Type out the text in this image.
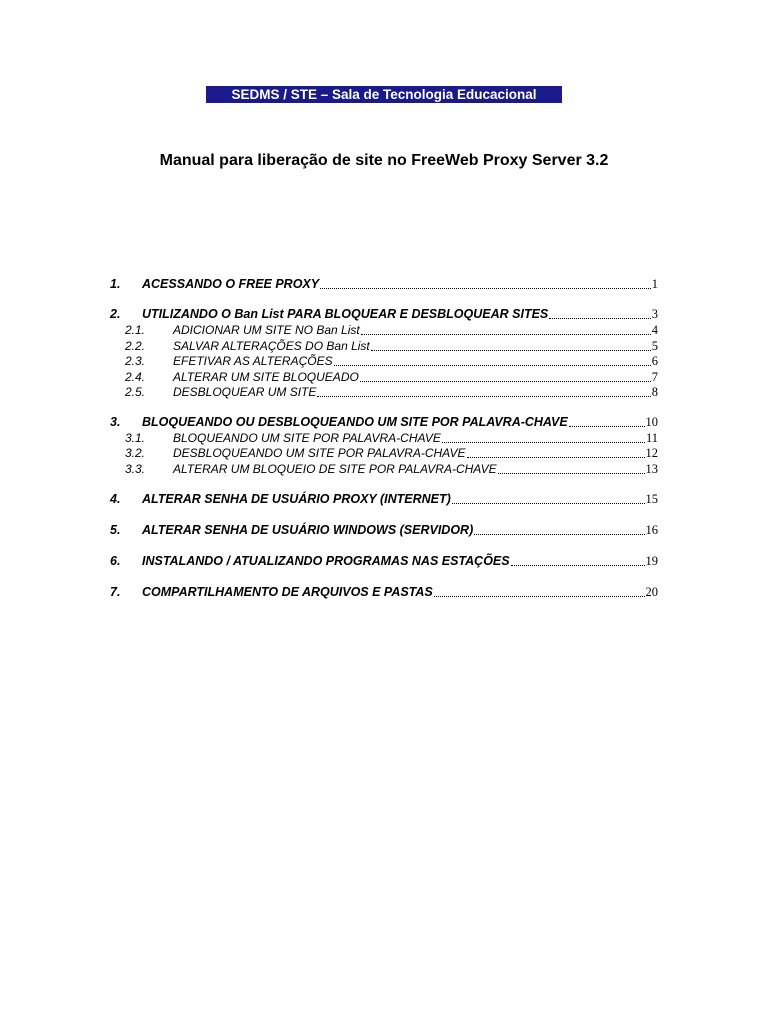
SEDMS / STE – Sala de Tecnologia Educacional
Manual para liberação de site no FreeWeb Proxy Server 3.2
1.	ACESSANDO O FREE PROXY	1
2.	UTILIZANDO O Ban List PARA BLOQUEAR E DESBLOQUEAR SITES	3
2.1.	ADICIONAR UM SITE NO Ban List	4
2.2.	SALVAR ALTERAÇÕES DO Ban List	5
2.3.	EFETIVAR AS ALTERAÇÕES	6
2.4.	ALTERAR UM SITE BLOQUEADO	7
2.5.	DESBLOQUEAR UM SITE	8
3.	BLOQUEANDO OU DESBLOQUEANDO UM SITE POR PALAVRA-CHAVE	10
3.1.	BLOQUEANDO UM SITE POR PALAVRA-CHAVE	11
3.2.	DESBLOQUEANDO UM SITE POR PALAVRA-CHAVE	12
3.3.	ALTERAR UM BLOQUEIO DE SITE POR PALAVRA-CHAVE	13
4.	ALTERAR SENHA DE USUÁRIO PROXY (INTERNET)	15
5.	ALTERAR SENHA DE USUÁRIO WINDOWS (SERVIDOR)	16
6.	INSTALANDO / ATUALIZANDO PROGRAMAS NAS ESTAÇÕES	19
7.	COMPARTILHAMENTO DE ARQUIVOS E PASTAS	20
